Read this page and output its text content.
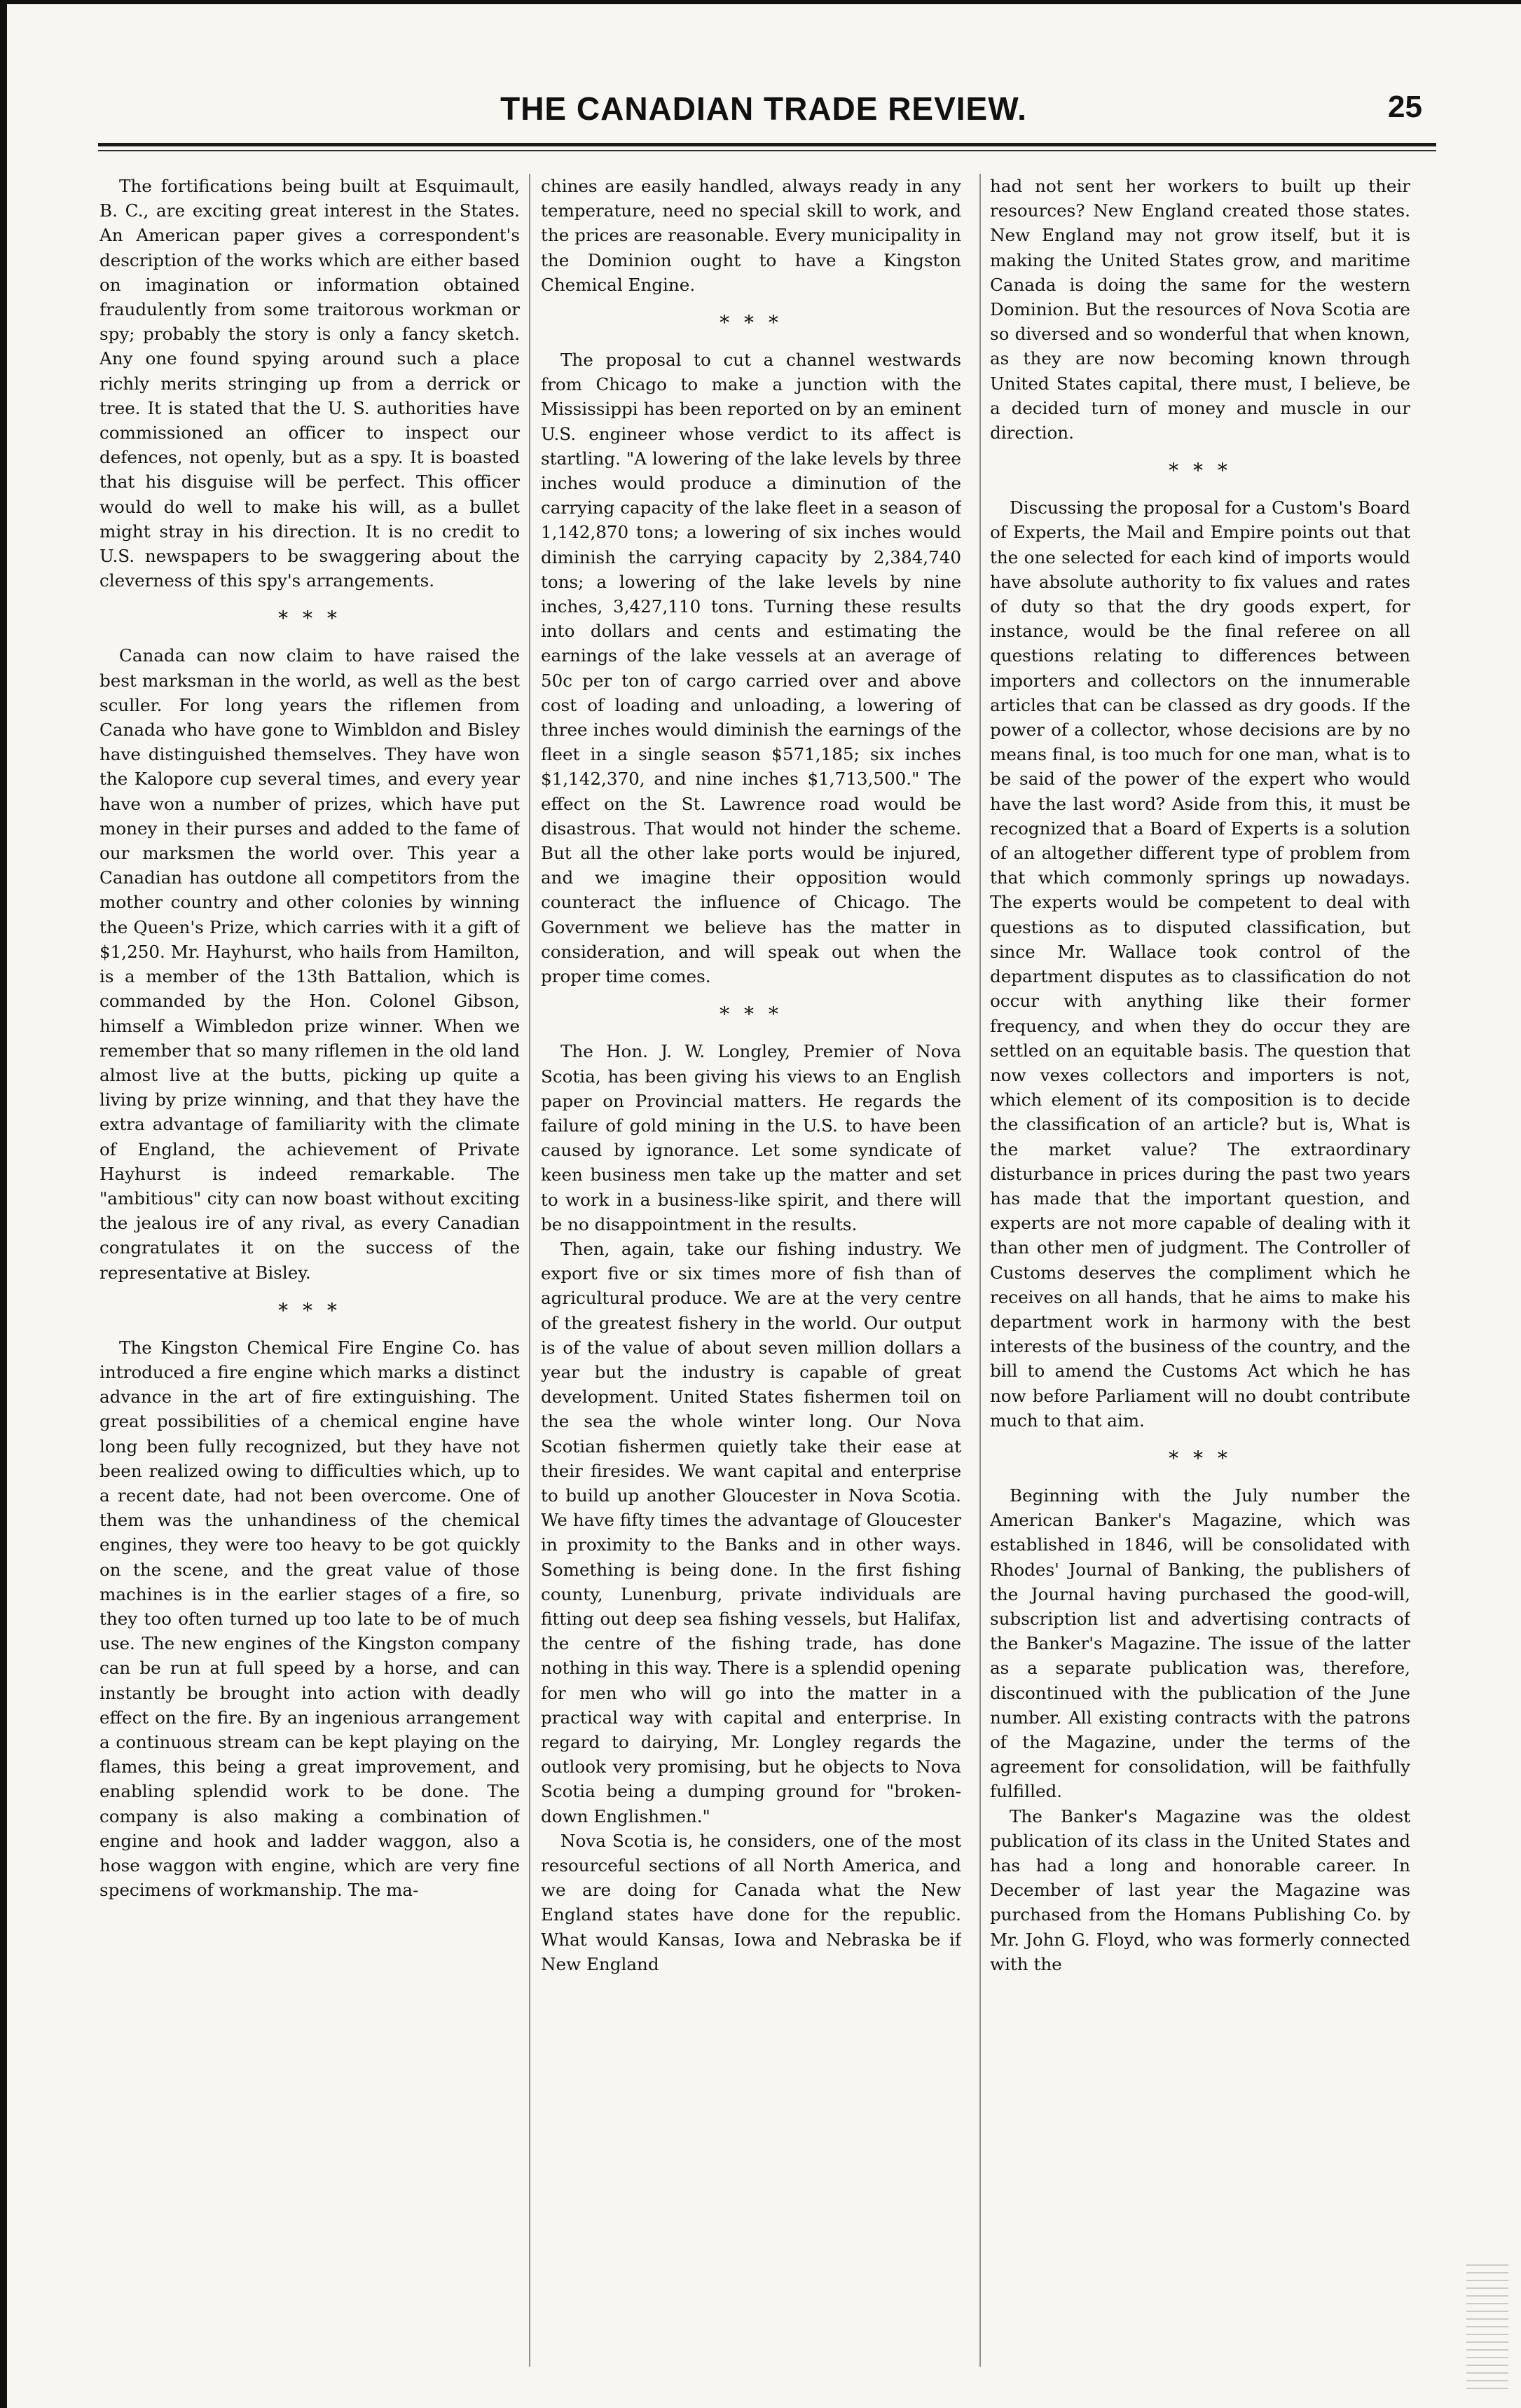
THE CANADIAN TRADE REVIEW.	25

The fortifications being built at Esquimault, B. C., are exciting great interest in the States. An American paper gives a correspondent's description of the works which are either based on imagination or information obtained fraudulently from some traitorous workman or spy; probably the story is only a fancy sketch. Any one found spying around such a place richly merits stringing up from a derrick or tree. It is stated that the U. S. authorities have commissioned an officer to inspect our defences, not openly, but as a spy. It is boasted that his disguise will be perfect. This officer would do well to make his will, as a bullet might stray in his direction. It is no credit to U.S. newspapers to be swaggering about the cleverness of this spy's arrangements.

* * *

Canada can now claim to have raised the best marksman in the world, as well as the best sculler. For long years the riflemen from Canada who have gone to Wimbldon and Bisley have distinguished themselves. They have won the Kalopore cup several times, and every year have won a number of prizes, which have put money in their purses and added to the fame of our marksmen the world over. This year a Canadian has outdone all competitors from the mother country and other colonies by winning the Queen's Prize, which carries with it a gift of $1,250. Mr. Hayhurst, who hails from Hamilton, is a member of the 13th Battalion, which is commanded by the Hon. Colonel Gibson, himself a Wimbledon prize winner. When we remember that so many riflemen in the old land almost live at the butts, picking up quite a living by prize winning, and that they have the extra advantage of familiarity with the climate of England, the achievement of Private Hayhurst is indeed remarkable. The "ambitious" city can now boast without exciting the jealous ire of any rival, as every Canadian congratulates it on the success of the representative at Bisley.

* * *

The Kingston Chemical Fire Engine Co. has introduced a fire engine which marks a distinct advance in the art of fire extinguishing. The great possibilities of a chemical engine have long been fully recognized, but they have not been realized owing to difficulties which, up to a recent date, had not been overcome. One of them was the unhandiness of the chemical engines, they were too heavy to be got quickly on the scene, and the great value of those machines is in the earlier stages of a fire, so they too often turned up too late to be of much use. The new engines of the Kingston company can be run at full speed by a horse, and can instantly be brought into action with deadly effect on the fire. By an ingenious arrangement a continuous stream can be kept playing on the flames, this being a great improvement, and enabling splendid work to be done. The company is also making a combination of engine and hook and ladder waggon, also a hose waggon with engine, which are very fine specimens of workmanship. The ma-

chines are easily handled, always ready in any temperature, need no special skill to work, and the prices are reasonable. Every municipality in the Dominion ought to have a Kingston Chemical Engine.

* * *

The proposal to cut a channel westwards from Chicago to make a junction with the Mississippi has been reported on by an eminent U.S. engineer whose verdict to its affect is startling. "A lowering of the lake levels by three inches would produce a diminution of the carrying capacity of the lake fleet in a season of 1,142,870 tons; a lowering of six inches would diminish the carrying capacity by 2,384,740 tons; a lowering of the lake levels by nine inches, 3,427,110 tons. Turning these results into dollars and cents and estimating the earnings of the lake vessels at an average of 50c per ton of cargo carried over and above cost of loading and unloading, a lowering of three inches would diminish the earnings of the fleet in a single season $571,185; six inches $1,142,370, and nine inches $1,713,500." The effect on the St. Lawrence road would be disastrous. That would not hinder the scheme. But all the other lake ports would be injured, and we imagine their opposition would counteract the influence of Chicago. The Government we believe has the matter in consideration, and will speak out when the proper time comes.

* * *

The Hon. J. W. Longley, Premier of Nova Scotia, has been giving his views to an English paper on Provincial matters. He regards the failure of gold mining in the U.S. to have been caused by ignorance. Let some syndicate of keen business men take up the matter and set to work in a business-like spirit, and there will be no disappointment in the results.

Then, again, take our fishing industry. We export five or six times more of fish than of agricultural produce. We are at the very centre of the greatest fishery in the world. Our output is of the value of about seven million dollars a year but the industry is capable of great development. United States fishermen toil on the sea the whole winter long. Our Nova Scotian fishermen quietly take their ease at their firesides. We want capital and enterprise to build up another Gloucester in Nova Scotia. We have fifty times the advantage of Gloucester in proximity to the Banks and in other ways. Something is being done. In the first fishing county, Lunenburg, private individuals are fitting out deep sea fishing vessels, but Halifax, the centre of the fishing trade, has done nothing in this way. There is a splendid opening for men who will go into the matter in a practical way with capital and enterprise. In regard to dairying, Mr. Longley regards the outlook very promising, but he objects to Nova Scotia being a dumping ground for "broken-down Englishmen."

Nova Scotia is, he considers, one of the most resourceful sections of all North America, and we are doing for Canada what the New England states have done for the republic. What would Kansas, Iowa and Nebraska be if New England

had not sent her workers to built up their resources? New England created those states. New England may not grow itself, but it is making the United States grow, and maritime Canada is doing the same for the western Dominion. But the resources of Nova Scotia are so diversed and so wonderful that when known, as they are now becoming known through United States capital, there must, I believe, be a decided turn of money and muscle in our direction.

* * *

Discussing the proposal for a Custom's Board of Experts, the Mail and Empire points out that the one selected for each kind of imports would have absolute authority to fix values and rates of duty so that the dry goods expert, for instance, would be the final referee on all questions relating to differences between importers and collectors on the innumerable articles that can be classed as dry goods. If the power of a collector, whose decisions are by no means final, is too much for one man, what is to be said of the power of the expert who would have the last word? Aside from this, it must be recognized that a Board of Experts is a solution of an altogether different type of problem from that which commonly springs up nowadays. The experts would be competent to deal with questions as to disputed classification, but since Mr. Wallace took control of the department disputes as to classification do not occur with anything like their former frequency, and when they do occur they are settled on an equitable basis. The question that now vexes collectors and importers is not, which element of its composition is to decide the classification of an article? but is, What is the market value? The extraordinary disturbance in prices during the past two years has made that the important question, and experts are not more capable of dealing with it than other men of judgment. The Controller of Customs deserves the compliment which he receives on all hands, that he aims to make his department work in harmony with the best interests of the business of the country, and the bill to amend the Customs Act which he has now before Parliament will no doubt contribute much to that aim.

* * *

Beginning with the July number the American Banker's Magazine, which was established in 1846, will be consolidated with Rhodes' Journal of Banking, the publishers of the Journal having purchased the good-will, subscription list and advertising contracts of the Banker's Magazine. The issue of the latter as a separate publication was, therefore, discontinued with the publication of the June number. All existing contracts with the patrons of the Magazine, under the terms of the agreement for consolidation, will be faithfully fulfilled.

The Banker's Magazine was the oldest publication of its class in the United States and has had a long and honorable career. In December of last year the Magazine was purchased from the Homans Publishing Co. by Mr. John G. Floyd, who was formerly connected with the
